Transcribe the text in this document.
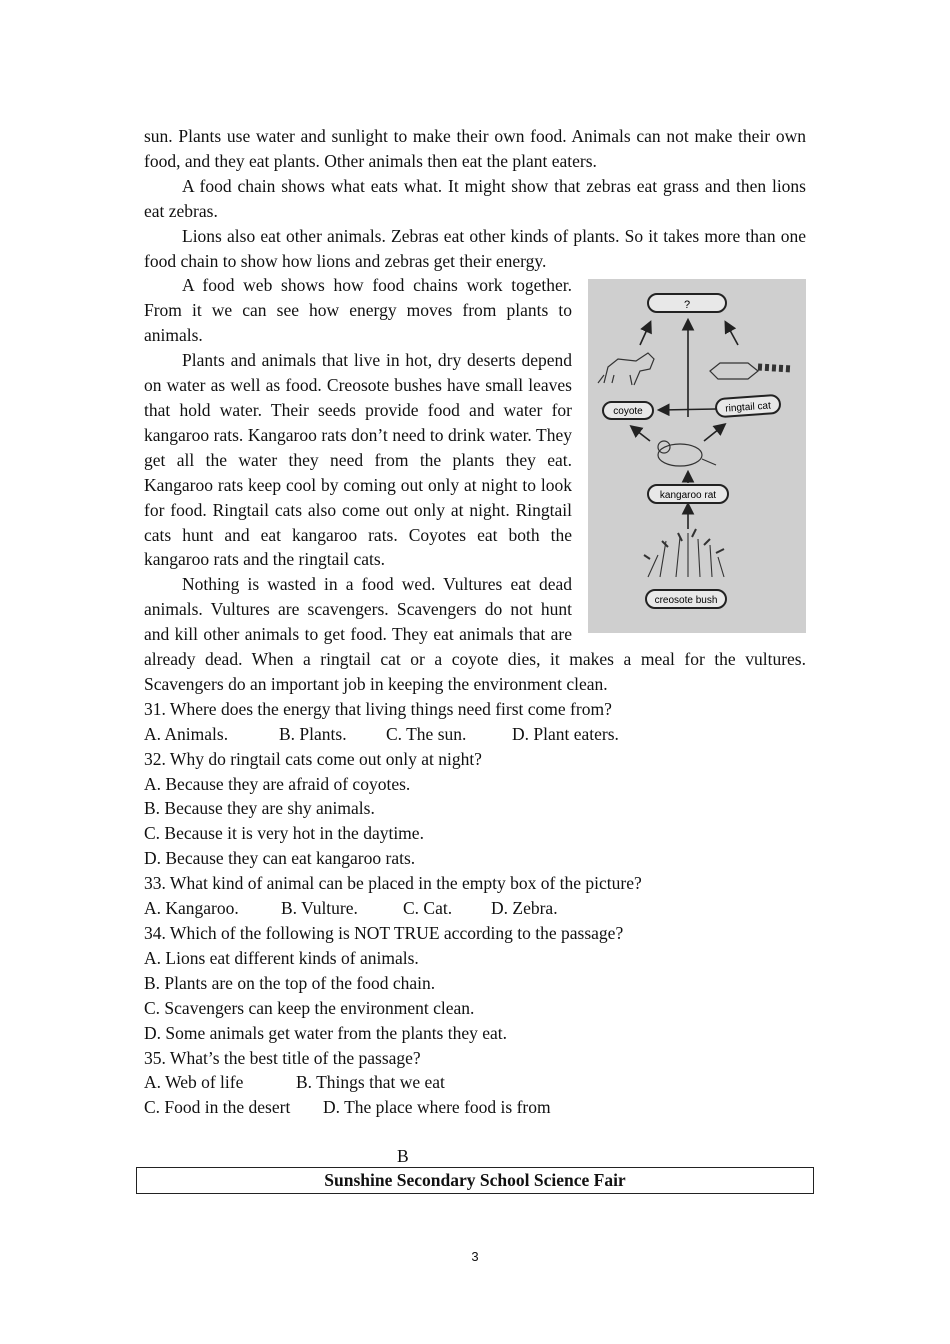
sun. Plants use water and sunlight to make their own food. Animals can not make their own food, and they eat plants. Other animals then eat the plant eaters.

A food chain shows what eats what. It might show that zebras eat grass and then lions eat zebras.

Lions also eat other animals. Zebras eat other kinds of plants. So it takes more than one food chain to show how lions and zebras get their energy.

?
coyote	ringtail cat
kangaroo rat
creosote bush

A food web shows how food chains work together. From it we can see how energy moves from plants to animals.

Plants and animals that live in hot, dry deserts depend on water as well as food. Creosote bushes have small leaves that hold water. Their seeds provide food and water for kangaroo rats. Kangaroo rats don’t need to drink water. They get all the water they need from the plants they eat. Kangaroo rats keep cool by coming out only at night to look for food. Ringtail cats also come out only at night. Ringtail cats hunt and eat kangaroo rats. Coyotes eat both the kangaroo rats and the ringtail cats.

Nothing is wasted in a food wed. Vultures eat dead animals. Vultures are scavengers. Scavengers do not hunt and kill other animals to get food. They eat animals that are already dead. When a ringtail cat or a coyote dies, it makes a meal for the vultures. Scavengers do an important job in keeping the environment clean.

31. Where does the energy that living things need first come from?

A. Animals.	B. Plants.	C. The sun.	D. Plant eaters.

32. Why do ringtail cats come out only at night?

A. Because they are afraid of coyotes.

B. Because they are shy animals.

C. Because it is very hot in the daytime.

D. Because they can eat kangaroo rats.

33. What kind of animal can be placed in the empty box of the picture?

A. Kangaroo.	B. Vulture.	C. Cat.	D. Zebra.

34. Which of the following is NOT TRUE according to the passage?

A. Lions eat different kinds of animals.

B. Plants are on the top of the food chain.

C. Scavengers can keep the environment clean.

D. Some animals get water from the plants they eat.

35. What’s the best title of the passage?

A. Web of life	B. Things that we eat
C. Food in the desert	D. The place where food is from
B
Sunshine Secondary School Science Fair
3
